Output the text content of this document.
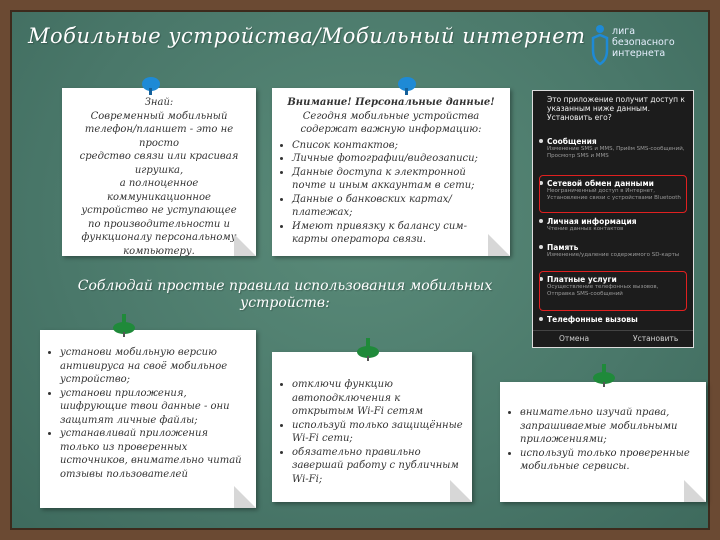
Мобильные устройства/Мобильный интернет	лига
безопасного
интернета
Знай:
Современный мобильный
телефон/планшет - это не просто
средство связи или красивая
игрушка,
а полноценное коммуникационное
устройство не уступающее
по производительности и
функционалу персональному
компьютеру.
Внимание! Персональные данные!
Сегодня мобильные устройства содержат важную информацию:
• Список контактов;
• Личные фотографии/видеозаписи;
• Данные доступа к электронной почте и иным аккаунтам в сети;
• Данные о банковских картах/платежах;
• Имеют привязку к балансу сим-карты оператора связи.
Это приложение получит доступ к указанным ниже данным. Установить его?
Сообщения
Изменение SMS и MMS, Приём SMS-сообщений, Просмотр SMS и MMS
Сетевой обмен данными
Неограниченный доступ в Интернет, Установление связи с устройствами Bluetooth
Личная информация
Чтение данных контактов
Память
Изменение/удаление содержимого SD-карты
Платные услуги
Осуществление телефонных вызовов, Отправка SMS-сообщений
Телефонные вызовы
Отмена	Установить
Соблюдай простые правила использования мобильных устройств:
• установи мобильную версию антивируса на своё мобильное устройство;
• установи приложения, шифрующие твои данные - они защитят личные файлы;
• устанавливай приложения только из проверенных источников, внимательно читай отзывы пользователей
• отключи функцию автоподключения к открытым Wi-Fi сетям
• используй только защищённые Wi-Fi сети;
• обязательно правильно завершай работу с публичным Wi-Fi;
• внимательно изучай права, запрашиваемые мобильными приложениями;
• используй только проверенные мобильные сервисы.
